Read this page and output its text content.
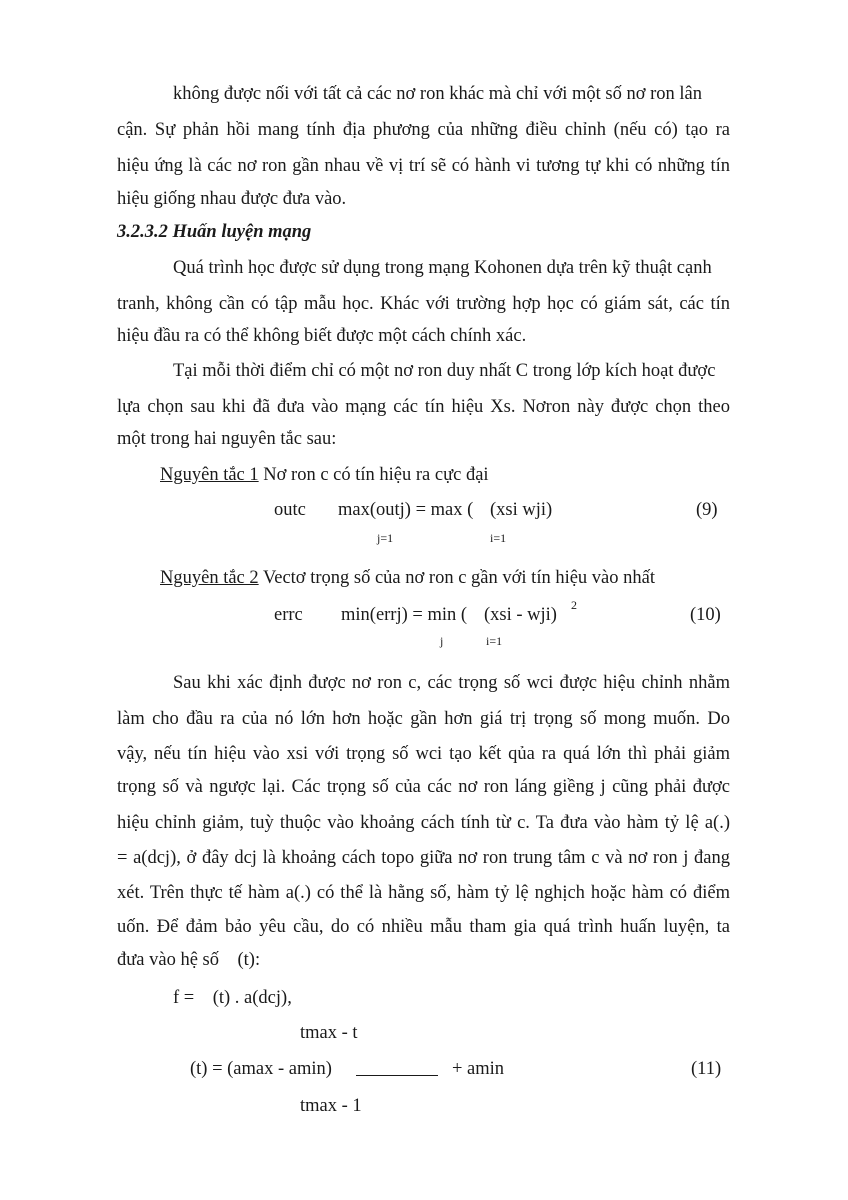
không được nối với tất cả các nơ ron khác mà chỉ với một số nơ ron lân
cận. Sự phản hồi mang tính địa phương của những điều chỉnh (nếu có) tạo ra
hiệu ứng là các nơ ron gần nhau về vị trí sẽ có hành vi tương tự khi có những tín
hiệu giống nhau được đưa vào.
3.2.3.2 Huấn luyện mạng
Quá trình học được sử dụng trong mạng Kohonen dựa trên kỹ thuật cạnh
tranh, không cần có tập mẫu học. Khác với trường hợp học có giám sát, các tín
hiệu đầu ra có thể không biết được một cách chính xác.
Tại mỗi thời điểm chỉ có một nơ ron duy nhất C trong lớp kích hoạt được
lựa chọn sau khi đã đưa vào mạng các tín hiệu Xs. Nơron này được chọn theo
một trong hai nguyên tắc sau:
Nguyên tắc 1 Nơ ron c có tín hiệu ra cực đại
outc max(outj) = max ( (xsi wji)	(9)
j=1	i=1
Nguyên tắc 2 Vectơ trọng số của nơ ron c gần với tín hiệu vào nhất
errc min(errj) = min ( (xsi - wji) 2	(10)
j	i=1
Sau khi xác định được nơ ron c, các trọng số wci được hiệu chỉnh nhằm
làm cho đầu ra của nó lớn hơn hoặc gần hơn giá trị trọng số mong muốn. Do
vậy, nếu tín hiệu vào xsi với trọng số wci tạo kết qủa ra quá lớn thì phải giảm
trọng số và ngược lại. Các trọng số của các nơ ron láng giềng j cũng phải được
hiệu chỉnh giảm, tuỳ thuộc vào khoảng cách tính từ c. Ta đưa vào hàm tỷ lệ a(.)
= a(dcj), ở đây dcj là khoảng cách topo giữa nơ ron trung tâm c và nơ ron j đang
xét. Trên thực tế hàm a(.) có thể là hằng số, hàm tỷ lệ nghịch hoặc hàm có điểm
uốn. Để đảm bảo yêu cầu, do có nhiều mẫu tham gia quá trình huấn luyện, ta
đưa vào hệ số    (t):
f =    (t) . a(dcj),
tmax - t
(t) = (amax - amin)	+ amin	(11)
tmax - 1
